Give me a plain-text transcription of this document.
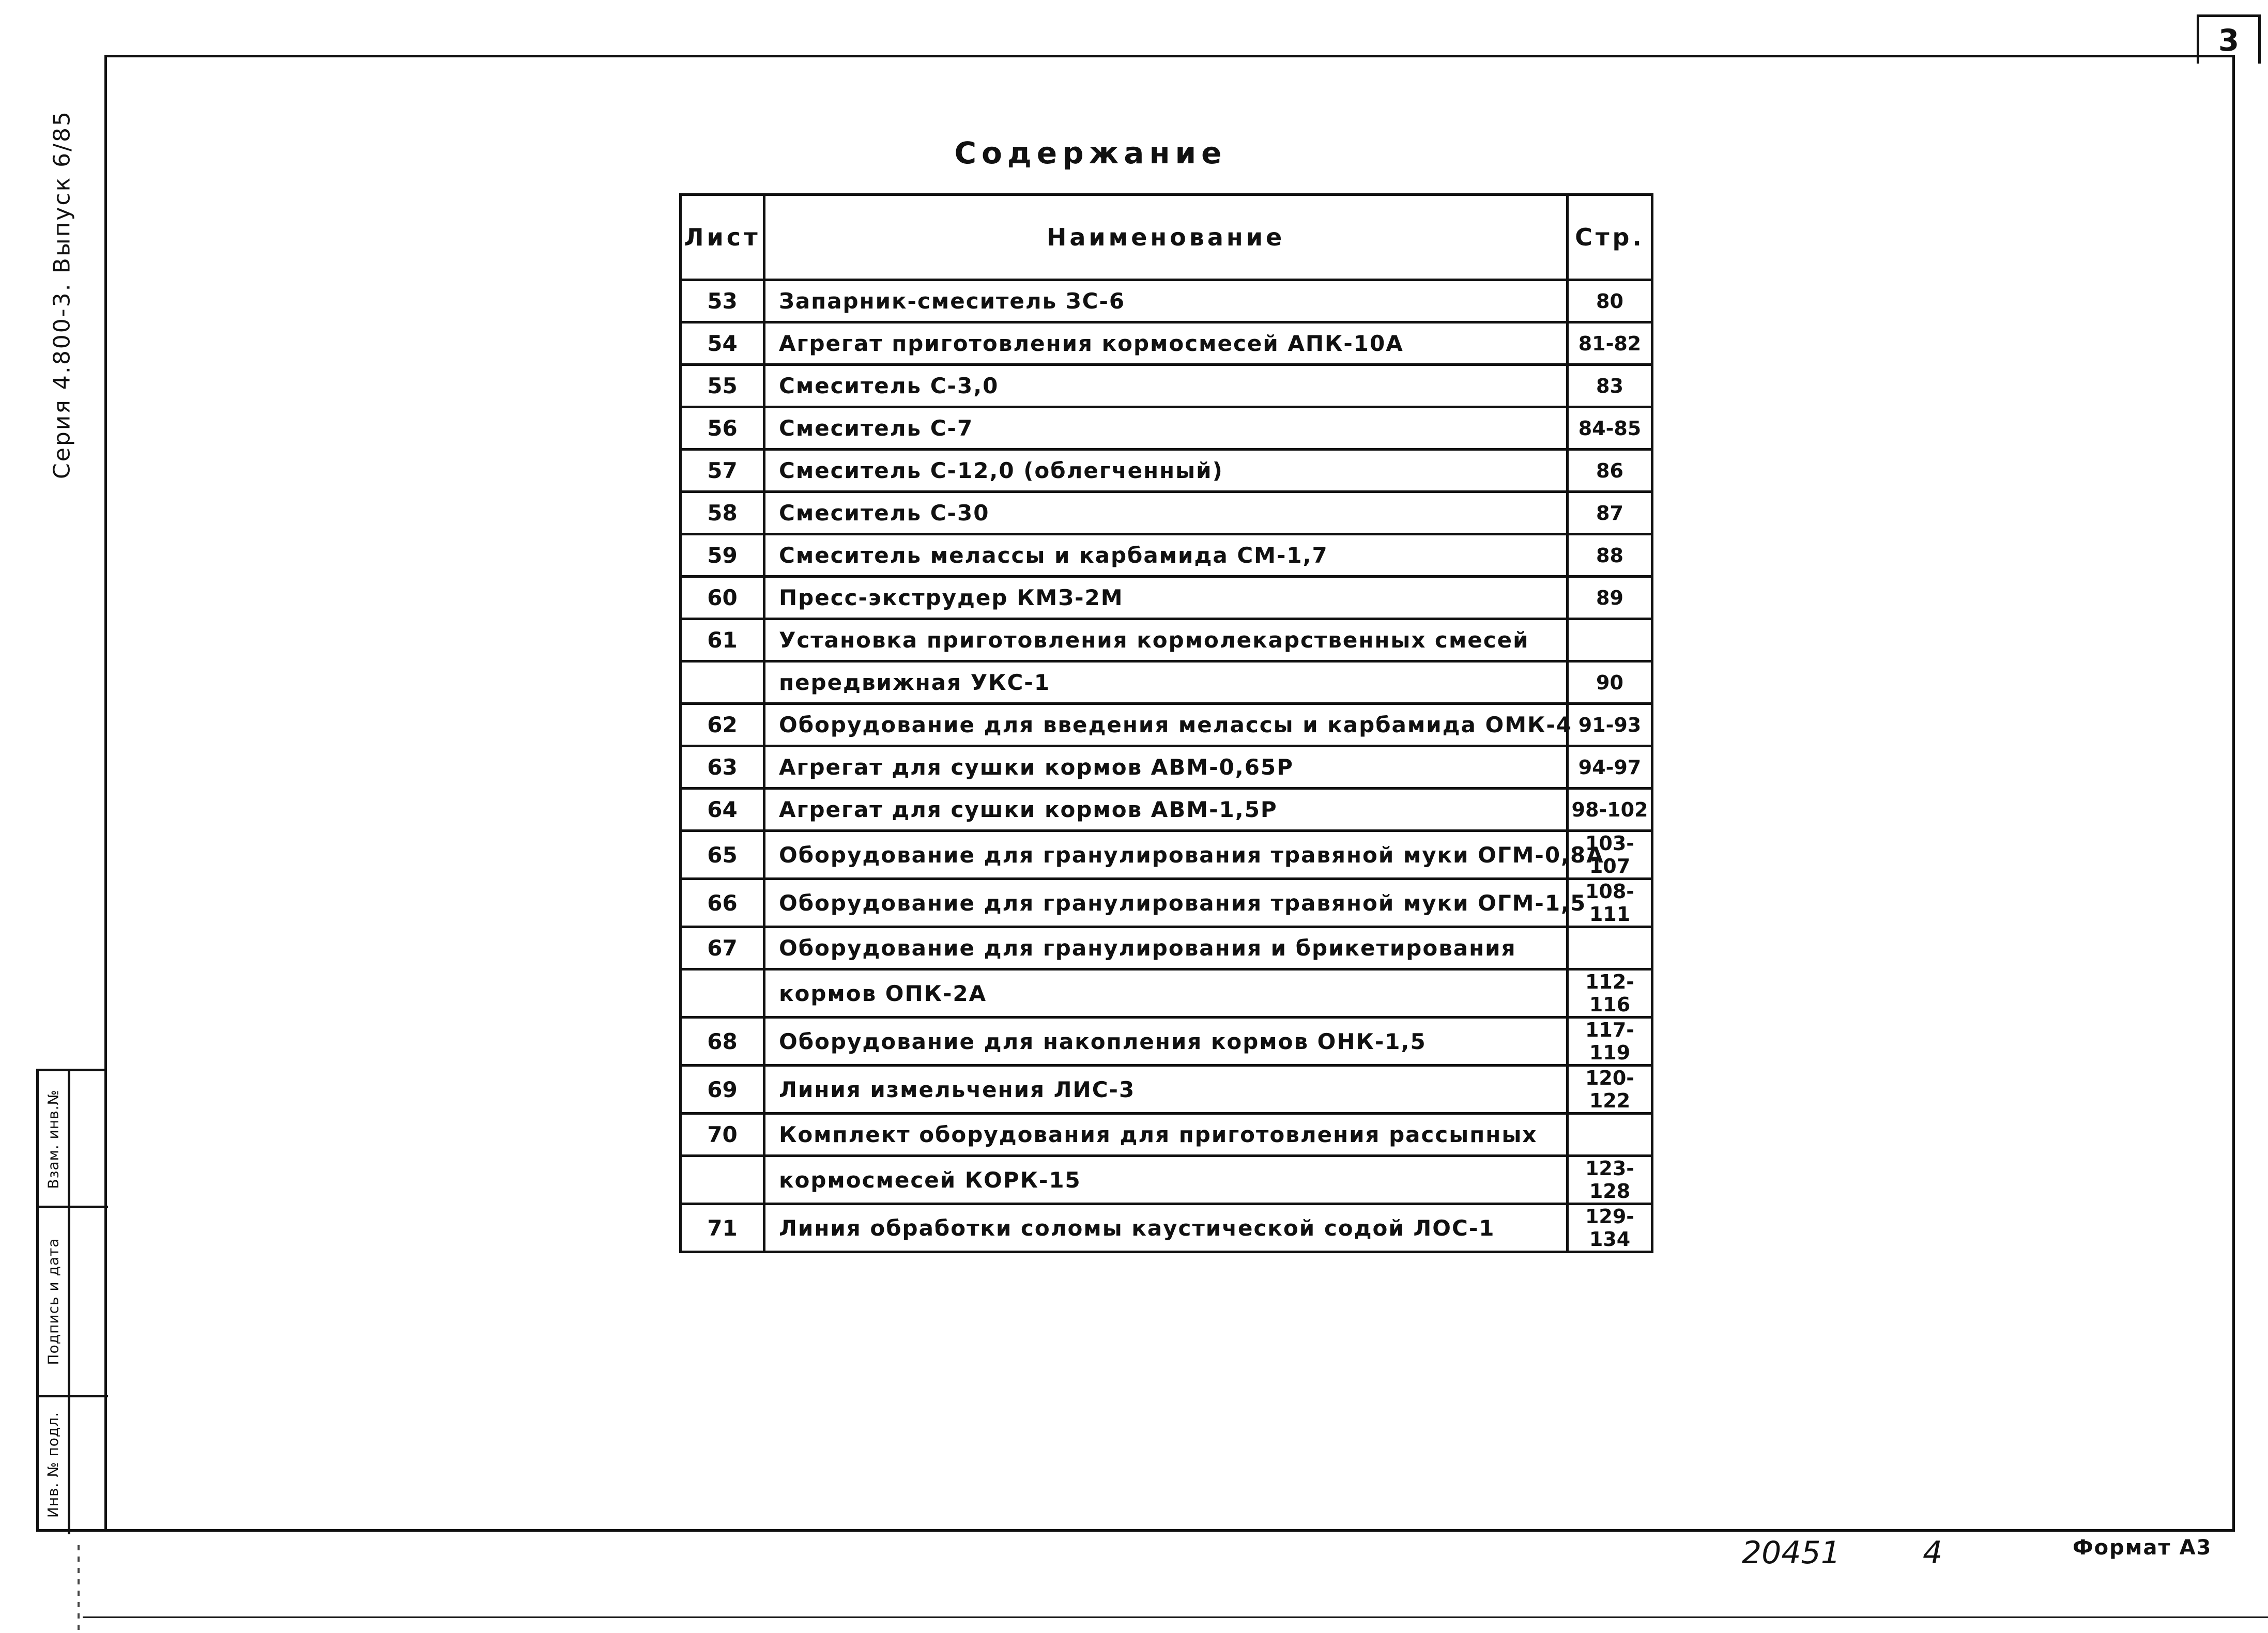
3
Серия 4.800-3. Выпуск 6/85
Взам. инв.№
Подпись и дата
Инв. № подл.
Содержание
Лист	Наименование	Стр.
53	Запарник-смеситель ЗС-6	80
54	Агрегат приготовления кормосмесей АПК-10А	81-82
55	Смеситель С-3,0	83
56	Смеситель С-7	84-85
57	Смеситель С-12,0 (облегченный)	86
58	Смеситель С-30	87
59	Смеситель мелассы и карбамида СМ-1,7	88
60	Пресс-экструдер КМЗ-2М	89
61	Установка приготовления кормолекарственных смесей	
	передвижная УКС-1	90
62	Оборудование для введения мелассы и карбамида ОМК-4	91-93
63	Агрегат для сушки кормов АВМ-0,65Р	94-97
64	Агрегат для сушки кормов АВМ-1,5Р	98-102
65	Оборудование для гранулирования травяной муки ОГМ-0,8А	103-107
66	Оборудование для гранулирования травяной муки ОГМ-1,5	108-111
67	Оборудование для гранулирования и брикетирования	
	кормов ОПК-2А	112-116
68	Оборудование для накопления кормов ОНК-1,5	117-119
69	Линия измельчения ЛИС-3	120-122
70	Комплект оборудования для приготовления рассыпных	
	кормосмесей КОРК-15	123-128
71	Линия обработки соломы каустической содой ЛОС-1	129-134
20451	4	Формат А3
